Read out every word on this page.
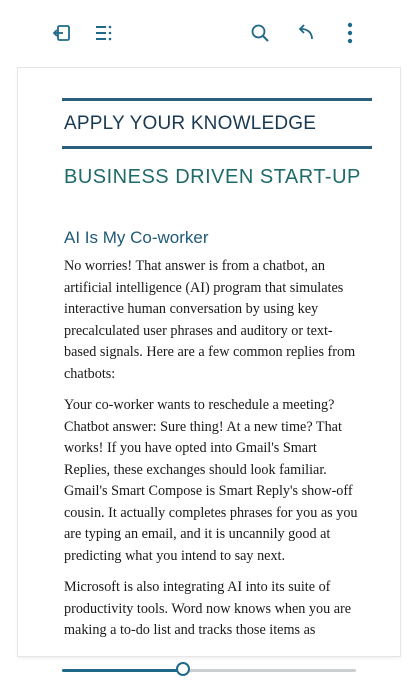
APPLY YOUR KNOWLEDGE
BUSINESS DRIVEN START-UP
AI Is My Co-worker

No worries! That answer is from a chatbot, an artificial intelligence (AI) program that simulates interactive human conversation by using key precalculated user phrases and auditory or text-based signals. Here are a few common replies from chatbots:

Your co-worker wants to reschedule a meeting? Chatbot answer: Sure thing! At a new time? That works! If you have opted into Gmail's Smart Replies, these exchanges should look familiar. Gmail's Smart Compose is Smart Reply's show-off cousin. It actually completes phrases for you as you are typing an email, and it is uncannily good at predicting what you intend to say next.

Microsoft is also integrating AI into its suite of productivity tools. Word now knows when you are making a to-do list and tracks those items as
